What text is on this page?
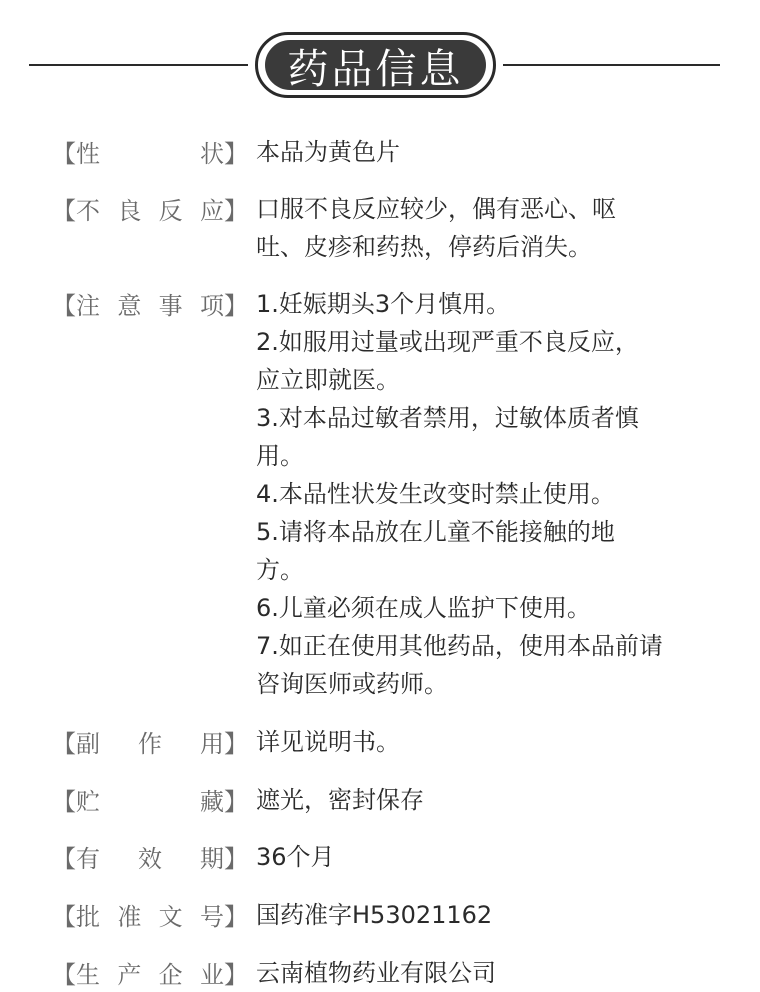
药品信息
【性	状】 本品为黄色片
【不 良 反 应】 口服不良反应较少，偶有恶心、呕
吐、皮疹和药热，停药后消失。
【注 意 事 项】 1.妊娠期头3个月慎用。
2.如服用过量或出现严重不良反应，
应立即就医。
3.对本品过敏者禁用，过敏体质者慎
用。
4.本品性状发生改变时禁止使用。
5.请将本品放在儿童不能接触的地
方。
6.儿童必须在成人监护下使用。
7.如正在使用其他药品，使用本品前请
咨询医师或药师。
【副 作 用】 详见说明书。
【贮	藏】 遮光，密封保存
【有 效 期】 36个月
【批 准 文 号】 国药准字H53021162
【生 产 企 业】 云南植物药业有限公司
